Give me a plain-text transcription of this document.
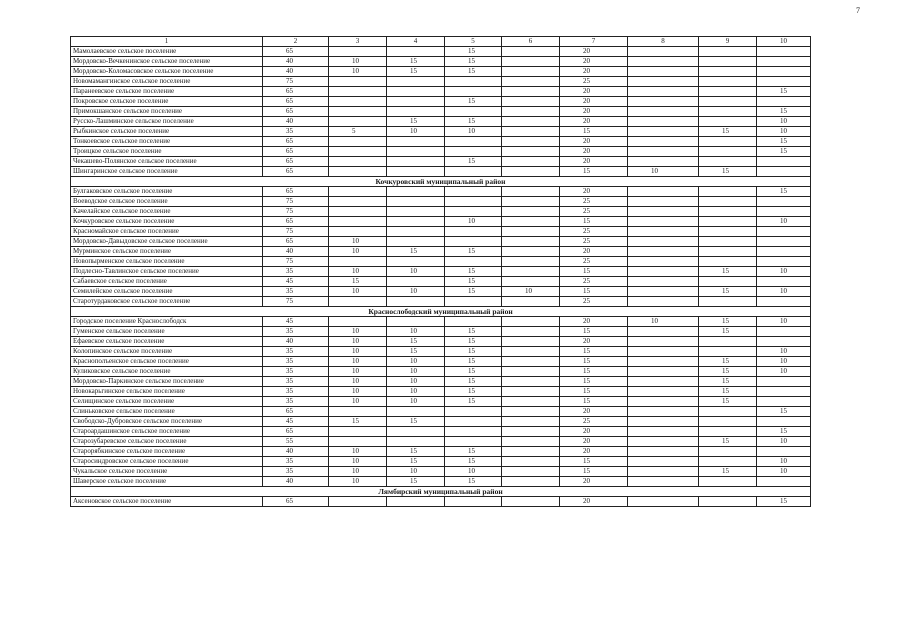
7
1	2	3	4	5	6	7	8	9	10
Мамолаевское сельское поселение	65			15		20			
Мордовско-Вечкенинское сельское поселение	40	10	15	15		20			
Мордовско-Коломасовское сельское поселение	40	10	15	15		20			
Новомамангинское сельское поселение	75					25			
Паранеевское сельское поселение	65					20			15
Покровское сельское поселение	65			15		20			
Примокшанское сельское поселение	65					20			15
Русско-Лашминское сельское поселение	40		15	15		20			10
Рыбкинское сельское поселение	35	5	10	10		15		15	10
Тонкоевское сельское поселение	65					20			15
Троицкое сельское поселение	65					20			15
Чекашево-Полянское сельское поселение	65			15		20			
Шингаринское сельское поселение	65					15	10	15	
Кочкуровский муниципальный район									
Булгаковское сельское поселение	65					20			15
Воеводское сельское поселение	75					25			
Качелайское сельское поселение	75					25			
Кочкуровское сельское поселение	65			10		15			10
Красномайское сельское поселение	75					25			
Мордовско-Давыдовское сельское поселение	65	10				25			
Мурминское сельское поселение	40	10	15	15		20			
Новопырменское сельское поселение	75					25			
Подлесно-Тавлинское сельское поселение	35	10	10	15		15		15	10
Сабаевское сельское поселение	45	15		15		25			
Семилейское сельское поселение	35	10	10	15	10	15		15	10
Старотурдаковское сельское поселение	75					25			
Краснослободский муниципальный район									
Городское поселение Краснослободск	45					20	10	15	10
Гуменское сельское поселение	35	10	10	15		15		15	
Ефаевское сельское поселение	40	10	15	15		20			
Колопинское сельское поселение	35	10	15	15		15			10
Краснополъенское сельское поселение	35	10	10	15		15		15	10
Куликовское сельское поселение	35	10	10	15		15		15	10
Мордовско-Паркинское сельское поселение	35	10	10	15		15		15	
Новокарьгинское сельское поселение	35	10	10	15		15		15	
Селищинское сельское поселение	35	10	10	15		15		15	
Слиньковское сельское поселение	65					20			15
Свободско-Дубровское сельское поселение	45	15	15			25			
Староардашинское сельское поселение	65					20			15
Старозубаревское сельское поселение	55					20		15	10
Старорябкинское сельское поселение	40	10	15	15		20			
Старосиндровское сельское поселение	35	10	15	15		15			10
Чукальское сельское поселение	35	10	10	10		15		15	10
Шаверское сельское поселение	40	10	15	15		20			
Лямбирский муниципальный район									
Аксеновское сельское поселение	65					20			15
